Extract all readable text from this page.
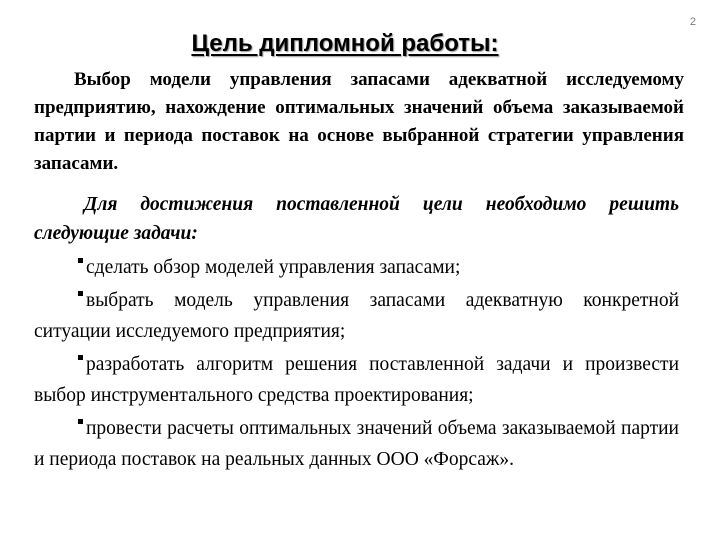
2
Цель дипломной работы:

Выбор модели управления запасами адекватной исследуемому предприятию, нахождение оптимальных значений объема заказываемой партии и периода поставок на основе выбранной стратегии управления запасами.

Для достижения поставленной цели необходимо решить следующие задачи:

сделать обзор моделей управления запасами;
выбрать модель управления запасами адекватную конкретной ситуации исследуемого предприятия;
разработать алгоритм решения поставленной задачи и произвести выбор инструментального средства проектирования;
провести расчеты оптимальных значений объема заказываемой партии и периода поставок на реальных данных ООО «Форсаж».
